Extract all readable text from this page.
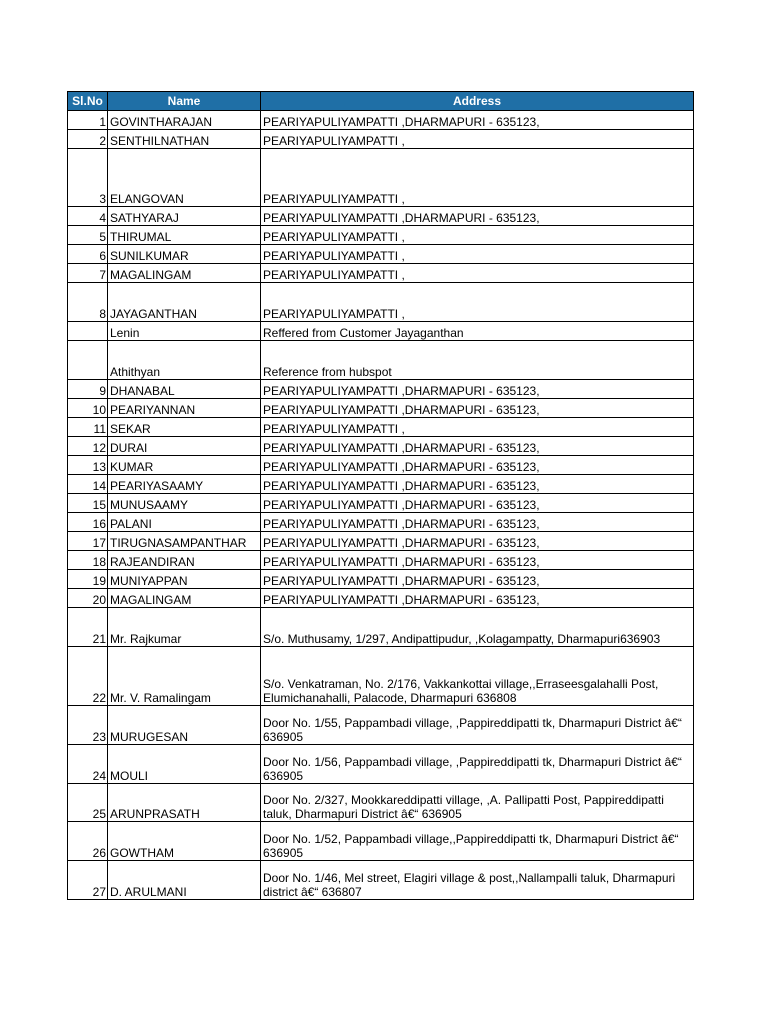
Sl.No	Name	Address
1	GOVINTHARAJAN	PEARIYAPULIYAMPATTI ,DHARMAPURI - 635123,
2	SENTHILNATHAN	PEARIYAPULIYAMPATTI ,
3	ELANGOVAN	PEARIYAPULIYAMPATTI ,
4	SATHYARAJ	PEARIYAPULIYAMPATTI ,DHARMAPURI - 635123,
5	THIRUMAL	PEARIYAPULIYAMPATTI ,
6	SUNILKUMAR	PEARIYAPULIYAMPATTI ,
7	MAGALINGAM	PEARIYAPULIYAMPATTI ,
8	JAYAGANTHAN	PEARIYAPULIYAMPATTI ,
	Lenin	Reffered from Customer Jayaganthan
	Athithyan	Reference from hubspot
9	DHANABAL	PEARIYAPULIYAMPATTI ,DHARMAPURI - 635123,
10	PEARIYANNAN	PEARIYAPULIYAMPATTI ,DHARMAPURI - 635123,
11	SEKAR	PEARIYAPULIYAMPATTI ,
12	DURAI	PEARIYAPULIYAMPATTI ,DHARMAPURI - 635123,
13	KUMAR	PEARIYAPULIYAMPATTI ,DHARMAPURI - 635123,
14	PEARIYASAAMY	PEARIYAPULIYAMPATTI ,DHARMAPURI - 635123,
15	MUNUSAAMY	PEARIYAPULIYAMPATTI ,DHARMAPURI - 635123,
16	PALANI	PEARIYAPULIYAMPATTI ,DHARMAPURI - 635123,
17	TIRUGNASAMPANTHAR	PEARIYAPULIYAMPATTI ,DHARMAPURI - 635123,
18	RAJEANDIRAN	PEARIYAPULIYAMPATTI ,DHARMAPURI - 635123,
19	MUNIYAPPAN	PEARIYAPULIYAMPATTI ,DHARMAPURI - 635123,
20	MAGALINGAM	PEARIYAPULIYAMPATTI ,DHARMAPURI - 635123,
21	Mr. Rajkumar	S/o. Muthusamy, 1/297, Andipattipudur, ,Kolagampatty, Dharmapuri636903
22	Mr. V. Ramalingam	S/o. Venkatraman, No. 2/176, Vakkankottai village,,Erraseesgalahalli Post, Elumichanahalli, Palacode, Dharmapuri 636808
23	MURUGESAN	Door No. 1/55, Pappambadi village, ,Pappireddipatti tk, Dharmapuri District â€“ 636905
24	MOULI	Door No. 1/56, Pappambadi village, ,Pappireddipatti tk, Dharmapuri District â€“ 636905
25	ARUNPRASATH	Door No. 2/327, Mookkareddipatti village, ,A. Pallipatti Post, Pappireddipatti taluk, Dharmapuri District â€“ 636905
26	GOWTHAM	Door No. 1/52, Pappambadi village,,Pappireddipatti tk, Dharmapuri District â€“ 636905
27	D. ARULMANI	Door No. 1/46, Mel street, Elagiri village & post,,Nallampalli taluk, Dharmapuri district â€“ 636807
